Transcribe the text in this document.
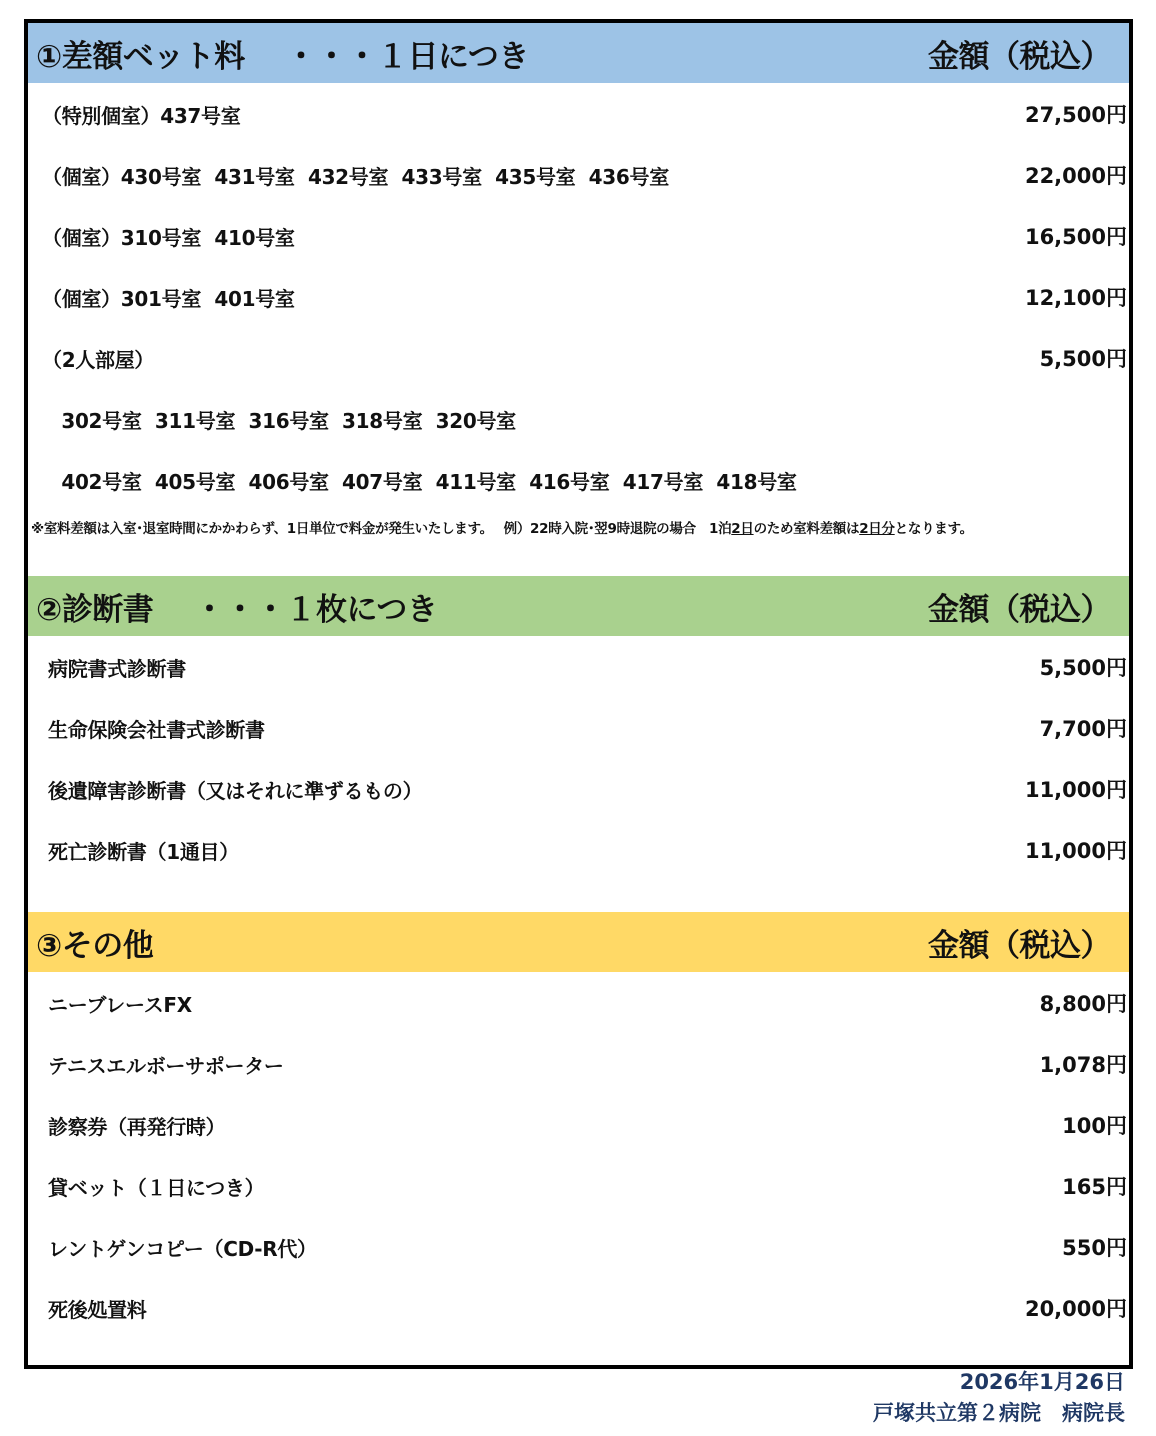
①差額ベット料　 ・・・１日につき	金額（税込）
（特別個室）437号室	27,500円
（個室）430号室  431号室  432号室  433号室  435号室  436号室	22,000円
（個室）310号室  410号室	16,500円
（個室）301号室  401号室	12,100円
（2人部屋）	5,500円
302号室  311号室  316号室  318号室  320号室
402号室  405号室  406号室  407号室  411号室  416号室  417号室  418号室
※室料差額は入室･退室時間にかかわらず、1日単位で料金が発生いたします。　 例）22時入院･翌9時退院の場合　1泊2日のため室料差額は2日分となります。
②診断書　 ・・・１枚につき	金額（税込）
病院書式診断書	5,500円
生命保険会社書式診断書	7,700円
後遺障害診断書（又はそれに準ずるもの）	11,000円
死亡診断書（1通目）	11,000円
③その他	金額（税込）
ニーブレースFX	8,800円
テニスエルボーサポーター	1,078円
診察券（再発行時）	100円
貸ベット（１日につき）	165円
レントゲンコピー（CD-R代）	550円
死後処置料	20,000円
2026年1月26日
戸塚共立第２病院　病院長
